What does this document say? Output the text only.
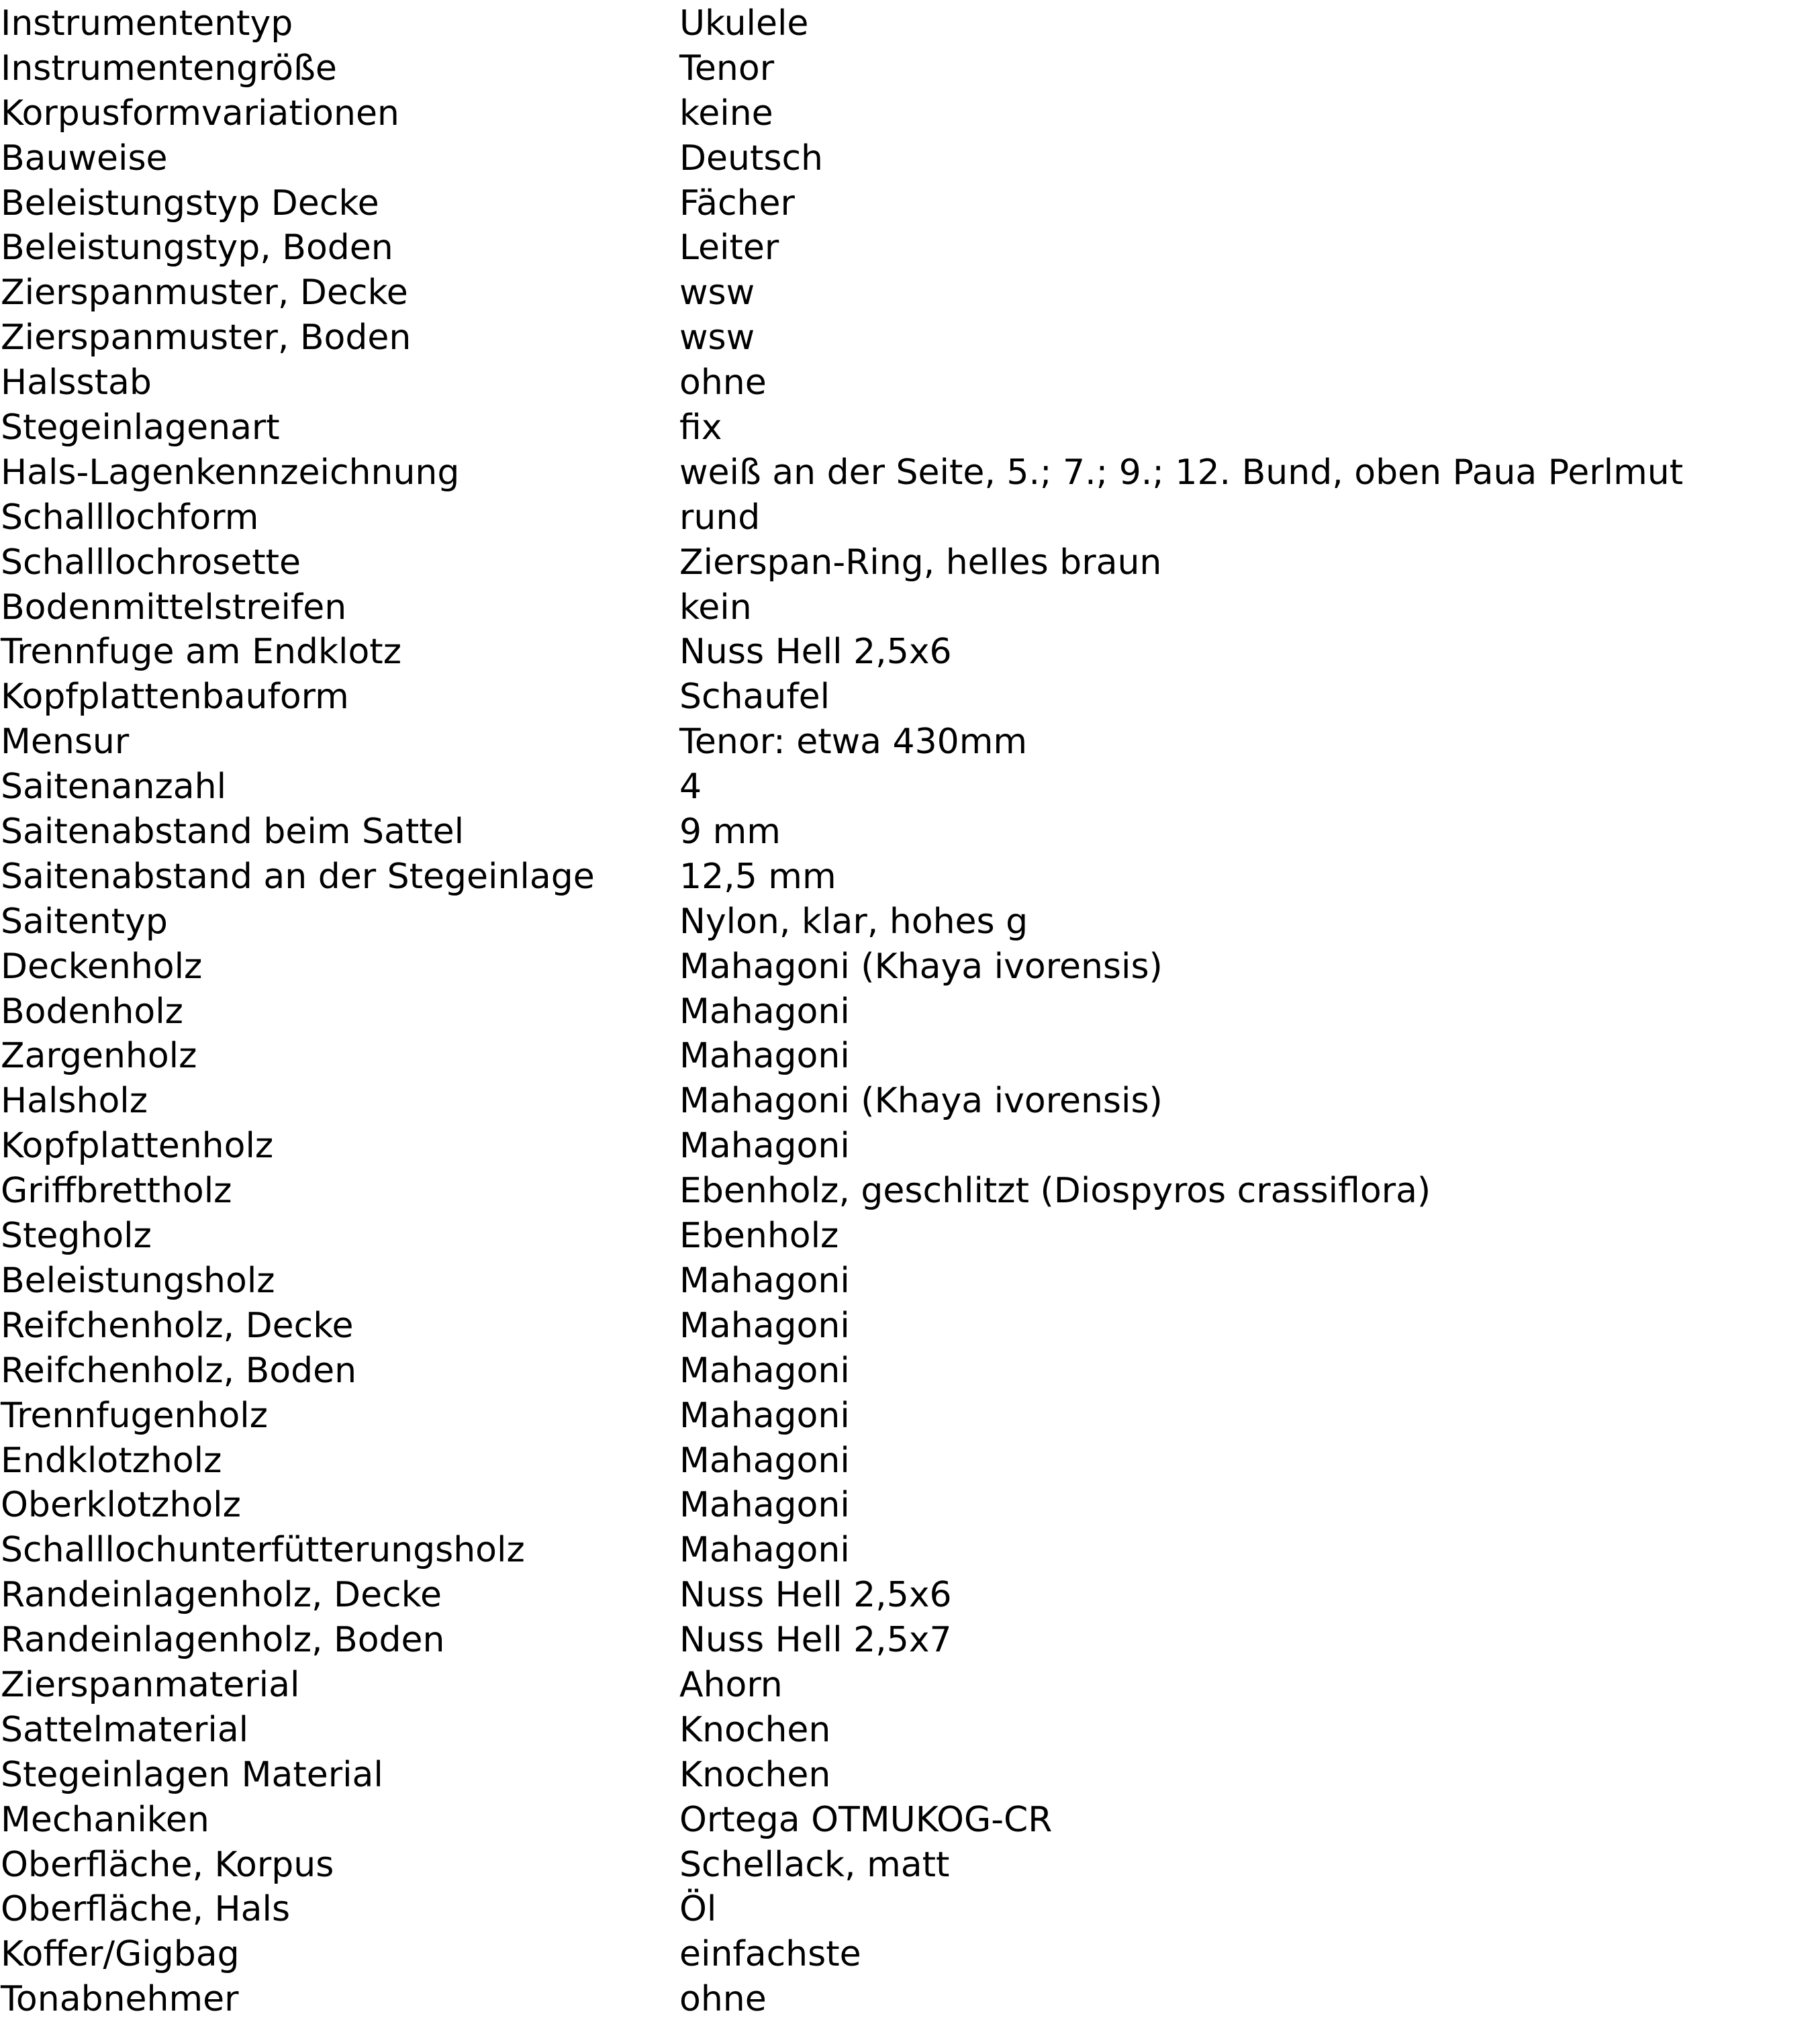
Instrumententyp	Ukulele
Instrumentengröße	Tenor
Korpusformvariationen	keine
Bauweise	Deutsch
Beleistungstyp Decke	Fächer
Beleistungstyp, Boden	Leiter
Zierspanmuster, Decke	wsw
Zierspanmuster, Boden	wsw
Halsstab	ohne
Stegeinlagenart	fix
Hals-Lagenkennzeichnung	weiß an der Seite, 5.; 7.; 9.; 12. Bund, oben Paua Perlmut
Schalllochform	rund
Schalllochrosette	Zierspan-Ring, helles braun
Bodenmittelstreifen	kein
Trennfuge am Endklotz	Nuss Hell 2,5x6
Kopfplattenbauform	Schaufel
Mensur	Tenor: etwa 430mm
Saitenanzahl	4
Saitenabstand beim Sattel	9 mm
Saitenabstand an der Stegeinlage	12,5 mm
Saitentyp	Nylon, klar, hohes g
Deckenholz	Mahagoni (Khaya ivorensis)
Bodenholz	Mahagoni
Zargenholz	Mahagoni
Halsholz	Mahagoni (Khaya ivorensis)
Kopfplattenholz	Mahagoni
Griffbrettholz	Ebenholz, geschlitzt (Diospyros crassiflora)
Stegholz	Ebenholz
Beleistungsholz	Mahagoni
Reifchenholz, Decke	Mahagoni
Reifchenholz, Boden	Mahagoni
Trennfugenholz	Mahagoni
Endklotzholz	Mahagoni
Oberklotzholz	Mahagoni
Schalllochunterfütterungsholz	Mahagoni
Randeinlagenholz, Decke	Nuss Hell 2,5x6
Randeinlagenholz, Boden	Nuss Hell 2,5x7
Zierspanmaterial	Ahorn
Sattelmaterial	Knochen
Stegeinlagen Material	Knochen
Mechaniken	Ortega OTMUKOG-CR
Oberfläche, Korpus	Schellack, matt
Oberfläche, Hals	Öl
Koffer/Gigbag	einfachste
Tonabnehmer	ohne
